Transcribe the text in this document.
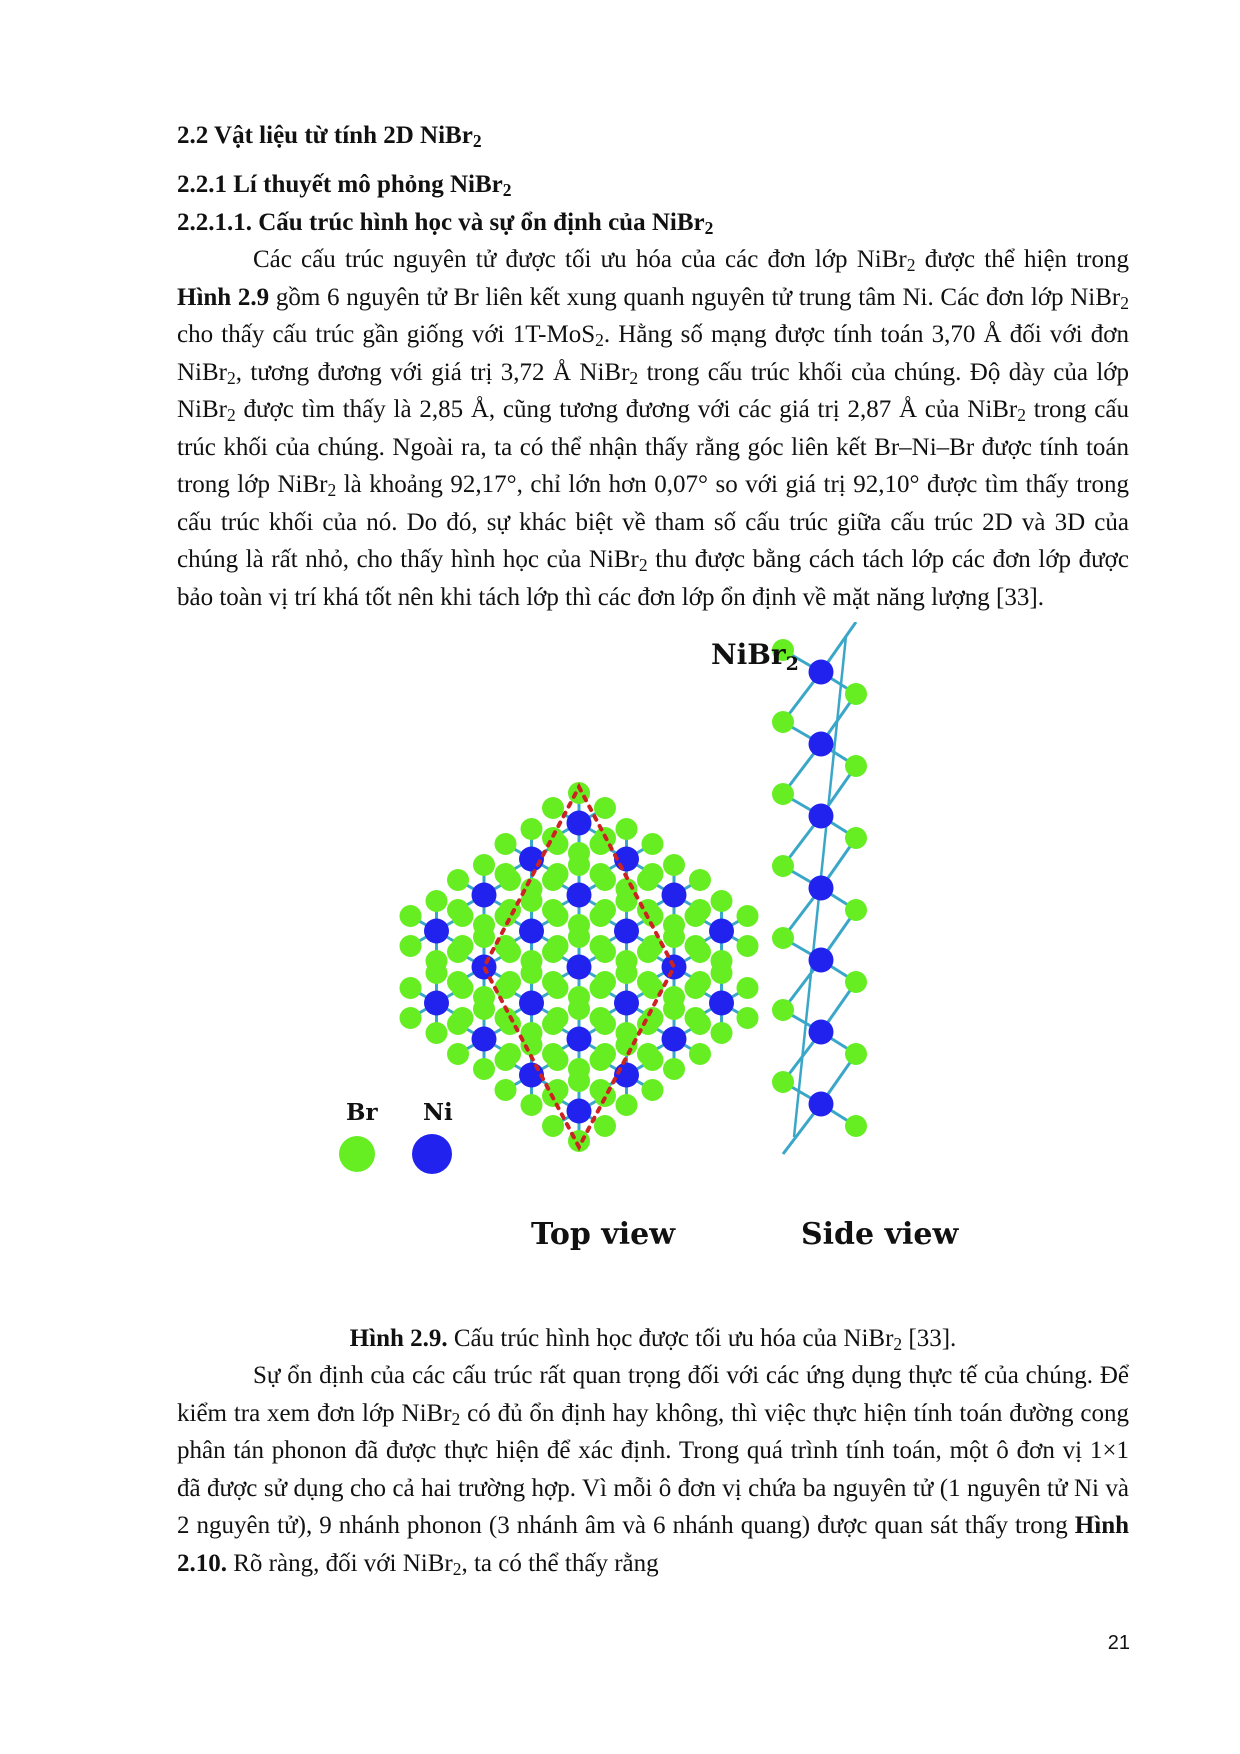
2.2 Vật liệu từ tính 2D NiBr$_2$

2.2.1 Lí thuyết mô phỏng NiBr$_2$

2.2.1.1. Cấu trúc hình học và sự ổn định của NiBr$_2$

Các cấu trúc nguyên tử được tối ưu hóa của các đơn lớp NiBr$_2$ được thể hiện trong Hình 2.9 gồm 6 nguyên tử Br liên kết xung quanh nguyên tử trung tâm Ni. Các đơn lớp NiBr$_2$ cho thấy cấu trúc gần giống với 1T-MoS$_2$. Hằng số mạng được tính toán 3,70 Å đối với đơn NiBr$_2$, tương đương với giá trị 3,72 Å NiBr$_2$ trong cấu trúc khối của chúng. Độ dày của lớp NiBr$_2$ được tìm thấy là 2,85 Å, cũng tương đương với các giá trị 2,87 Å của NiBr$_2$ trong cấu trúc khối của chúng. Ngoài ra, ta có thể nhận thấy rằng góc liên kết Br–Ni–Br được tính toán trong lớp NiBr$_2$ là khoảng 92,17°, chỉ lớn hơn 0,07° so với giá trị 92,10° được tìm thấy trong cấu trúc khối của nó. Do đó, sự khác biệt về tham số cấu trúc giữa cấu trúc 2D và 3D của chúng là rất nhỏ, cho thấy hình học của NiBr$_2$ thu được bằng cách tách lớp các đơn lớp được bảo toàn vị trí khá tốt nên khi tách lớp thì các đơn lớp ổn định về mặt năng lượng [33].

NiBr$_2$
Br Ni
Top view	Side view

Hình 2.9. Cấu trúc hình học được tối ưu hóa của NiBr$_2$ [33].

Sự ổn định của các cấu trúc rất quan trọng đối với các ứng dụng thực tế của chúng. Để kiểm tra xem đơn lớp NiBr$_2$ có đủ ổn định hay không, thì việc thực hiện tính toán đường cong phân tán phonon đã được thực hiện để xác định. Trong quá trình tính toán, một ô đơn vị 1×1 đã được sử dụng cho cả hai trường hợp. Vì mỗi ô đơn vị chứa ba nguyên tử (1 nguyên tử Ni và 2 nguyên tử), 9 nhánh phonon (3 nhánh âm và 6 nhánh quang) được quan sát thấy trong Hình 2.10. Rõ ràng, đối với NiBr$_2$, ta có thể thấy rằng

21
